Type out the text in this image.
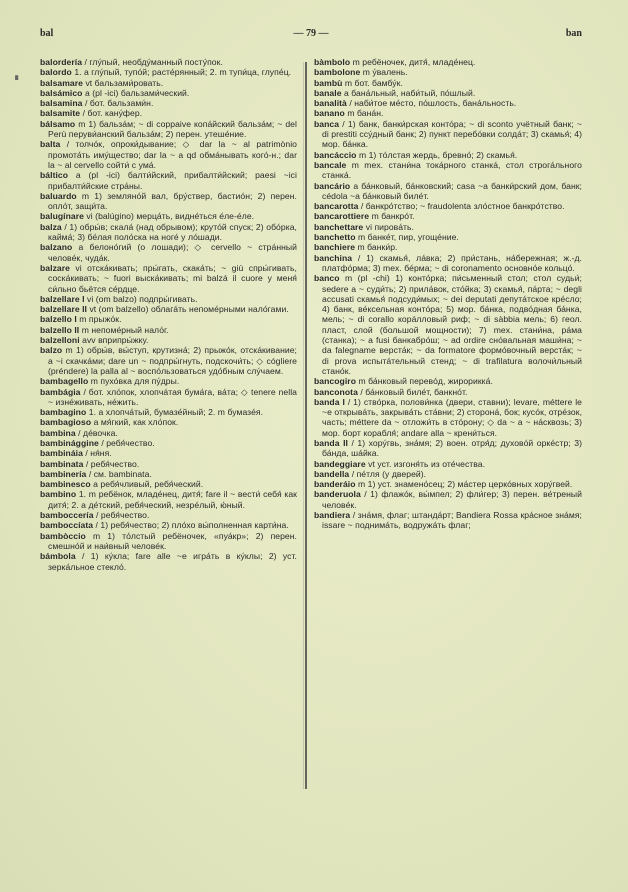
bal	— 79 —	ban
▝

balordería / глу́пый, необду́манный посту́пок.

balordo 1. a глу́пый, тупо́й; расте́рянный; 2. m тупи́ца, глупе́ц.

balsamare vt бальзами́ровать.

balsámico a (pl -ici) бальзами́ческий.

balsamina / бот. бальзами́н.

balsamite / бот. кану́фер.

bálsamo m 1) бальза́м; ~ di coppaive копа́йский бальза́м; ~ del Perù перуви́анский бальза́м; 2) перен. утеше́ние.

balta / толчо́к, опроки́дывание; ◇ dar la ~ al patrimònio промота́ть иму́щество; dar la ~ a qd обма́нывать кого́-н.; dar la ~ al cervello сойти́ с ума́.

báltico a (pl -ici) балти́йский, прибалти́йский; paesi ~ici прибалти́йские стра́ны.

baluardo m 1) земляно́й вал, бру́ствер, бастио́н; 2) перен. опло́т, защи́та.

balugínare vi (balúgino) мерца́ть, видне́ться е́ле-е́ле.

balza / 1) обры́в; скала́ (над обрывом); круто́й спуск; 2) обо́рка, кайма́; 3) бе́лая поло́ска на ноге́ у ло́шади.

balzano a белоно́гий (о лошади); ◇ cervello ~ стра́нный челове́к, чуда́к.

balzare vi отска́кивать; пры́гать, скака́ть; ~ giù спры́гивать, соска́кивать; ~ fuori выска́кивать; mi balzá il cuore у меня́ си́льно бьётся се́рдце.

balzellare I vi (om balzo) подпры́гивать.

balzellare II vt (om balzello) облага́ть непоме́рными нало́гами.

balzello I m прыжо́к.

balzello II m непоме́рный нало́г.

balzelloni avv вприпры́жку.

balzo m 1) обры́в, вы́ступ, крутизна́; 2) прыжо́к, отска́кивание; a ~i скачка́ми; dare un ~ подпры́гнуть, подскочи́ть; ◇ cógliere (préndere) la palla al ~ воспо́льзоваться удо́бным слу́чаем.

bambagello m пухо́вка для пу́дры.

bambágia / бот. хло́пок, хлопча́тая бума́га, ва́та; ◇ tenere nella ~ изне́живать, не́жить.

bambagino 1. a хлопча́тый, бумазе́йный; 2. m бумазе́я.

bambagioso a мя́гкий, как хло́пок.

bambina / де́вочка.

bambinággine / ребя́чество.

bambináia / ня́ня.

bambinata / ребя́чество.

bambinería / см. bambinata.

bambinesco a ребя́чливый, ребя́ческий.

bambino 1. m ребёнок, младе́нец, дитя́; fare il ~ вести́ себя́ как дитя́; 2. a де́тский, ребя́ческий, незре́лый, ю́ный.

bamboccería / ребя́чество.

bamboccíata / 1) ребя́чество; 2) пло́хо вы́полненная карти́на.

bambòccio m 1) то́лстый ребёночек, «пуа́кр»; 2) перен. смешно́й и наи́вный челове́к.

bámbola / 1) ку́кла; fare alle ~e игра́ть в ку́клы; 2) уст. зерка́льное стекло́.

bàmbolo m ребёночек, дитя́, младе́нец.

bambolone m у́валень.

bambù m бот. бамбу́к.

banale a бана́льный, наби́тый, по́шлый.

banalità / наби́тое ме́сто, по́шлость, бана́льность.

banano m бана́н.

banca / 1) банк, банки́рская конто́ра; ~ di sconto учётный банк; ~ di prestiti ссу́дный банк; 2) пункт перебо́вки солда́т; 3) скамья́; 4) мор. ба́нка.

bancáccio m 1) то́лстая жердь, бревно́; 2) скамья́.

bancale m mex. стани́на тока́рного станка́, стол строга́льного станка́.

bancário a ба́нковый, ба́нковский; casa ~a банки́рский дом, банк; cédola ~a ба́нковый биле́т.

bancarotta / банкро́тство; ~ fraudolenta зло́стное банкро́тство.

bancarottiere m банкро́т.

banchettare vi пирова́ть.

banchetto m банке́т, пир, угоще́ние.

banchiere m банки́р.

banchina / 1) скамья́, ла́вка; 2) при́стань, на́бережная; ж.-д. платфо́рма; 3) mex. бе́рма; ~ di coronamento основно́е кольцо́.

banco m (pl -chi) 1) конто́рка; пи́сьменный стол; стол судьи́; sedere a ~ суди́ть; 2) прила́вок, сто́йка; 3) скамья́, па́рта; ~ degli accusati скамья́ подсуди́мых; ~ dei deputati депута́тское кре́сло; 4) банк, ве́ксельная конто́ра; 5) мор. ба́нка, подво́дная ба́нка, мель; ~ di corallo корáлловый риф; ~ di sàbbia мель; 6) геол. пласт, слой (большой мощности); 7) mex. стани́на, ра́ма (станка); ~ a fusi банкабро́ш; ~ ad ordire сно́вальная маши́на; ~ da falegname верста́к; ~ da formatore формо́вочный верста́к; ~ di prova испыта́тельный стенд; ~ di trafilatura волочи́льный стано́к.

bancogiro m ба́нковый перево́д, жирорикка́.

banconota / ба́нковый биле́т, банкно́т.

banda I / 1) ство́рка, полови́нка (двери, ставни); levare, méttere le ~e открыва́ть, закрыва́ть ста́вни; 2) сторона́, бок; кусо́к, отре́зок, часть; méttere da ~ отложи́ть в сто́рону; ◇ da ~ a ~ на́сквозь; 3) мор. борт корабля́; andare alla ~ крени́ться.

banda II / 1) хору́гвь, зна́мя; 2) воен. отря́д; духово́й орке́стр; 3) ба́нда, ша́йка.

bandeggiare vt уст. изгоня́ть из оте́чества.

bandella / пе́тля (у дверей).

banderáio m 1) уст. знамено́сец; 2) ма́стер церко́вных хору́гвей.

banderuola / 1) флажо́к, вы́мпел; 2) фли́гер; 3) перен. ве́треный челове́к.

bandiera / зна́мя, флаг; штанда́рт; Bandiera Rossa кра́сное зна́мя; issare ~ поднима́ть, водружа́ть флаг;
